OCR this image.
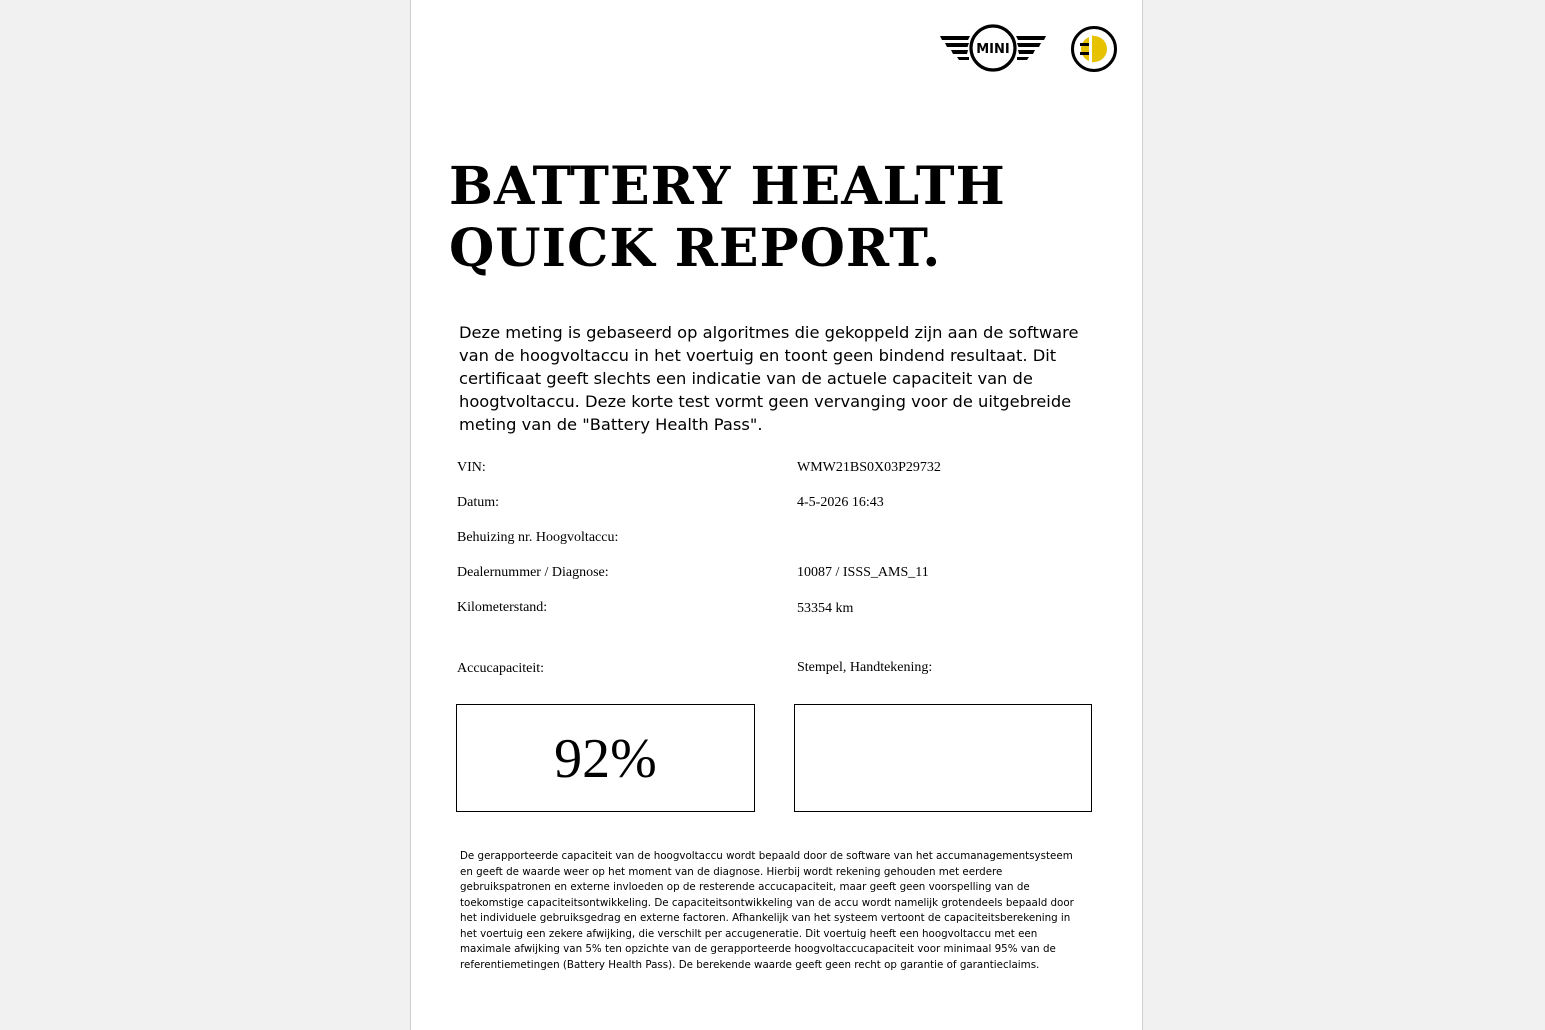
MINI
BATTERY HEALTH
QUICK REPORT.

Deze meting is gebaseerd op algoritmes die gekoppeld zijn aan de software van de hoogvoltaccu in het voertuig en toont geen bindend resultaat. Dit certificaat geeft slechts een indicatie van de actuele capaciteit van de hoogtvoltaccu. Deze korte test vormt geen vervanging voor de uitgebreide meting van de "Battery Health Pass".

VIN:	WMW21BS0X03P29732
Datum:	4-5-2026 16:43
Behuizing nr. Hoogvoltaccu:
Dealernummer / Diagnose:	10087 / ISSS_AMS_11
Kilometerstand:	53354 km
Accucapaciteit:	Stempel, Handtekening:
92%

De gerapporteerde capaciteit van de hoogvoltaccu wordt bepaald door de software van het accumanagementsysteem en geeft de waarde weer op het moment van de diagnose. Hierbij wordt rekening gehouden met eerdere gebruikspatronen en externe invloeden op de resterende accucapaciteit, maar geeft geen voorspelling van de toekomstige capaciteitsontwikkeling. De capaciteitsontwikkeling van de accu wordt namelijk grotendeels bepaald door het individuele gebruiksgedrag en externe factoren. Afhankelijk van het systeem vertoont de capaciteitsberekening in het voertuig een zekere afwijking, die verschilt per accugeneratie. Dit voertuig heeft een hoogvoltaccu met een maximale afwijking van 5% ten opzichte van de gerapporteerde hoogvoltaccucapaciteit voor minimaal 95% van de referentiemetingen (Battery Health Pass). De berekende waarde geeft geen recht op garantie of garantieclaims.
